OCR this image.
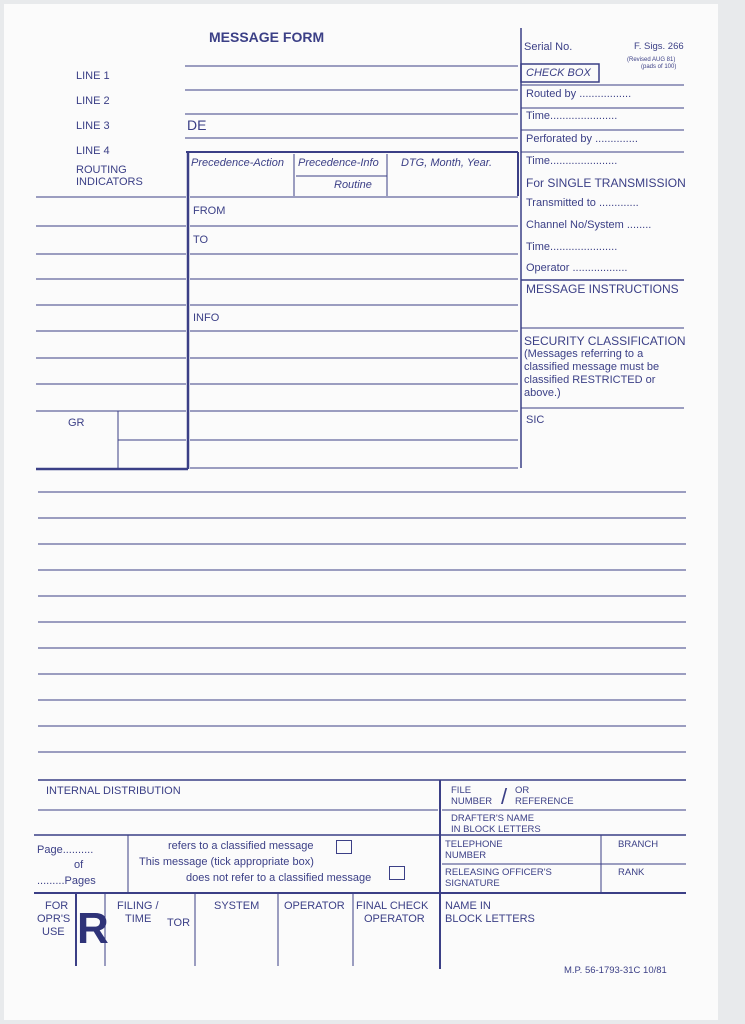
MESSAGE FORM
Serial No.	F. Sigs. 266
(Revised AUG 81)
(pads of 100)
CHECK BOX
LINE 1
LINE 2
LINE 3
LINE 4
ROUTING
INDICATORS
DE
Precedence-Action Precedence-Info
Routine
DTG, Month, Year.
FROM
TO
INFO
GR
Routed by .................
Time......................
Perforated by ..............
Time......................
For SINGLE TRANSMISSION
Transmitted to .............
Channel No/System ........
Time......................
Operator ..................
MESSAGE INSTRUCTIONS
SECURITY CLASSIFICATION
(Messages referring to a
classified message must be
classified RESTRICTED or
above.)
SIC
INTERNAL DISTRIBUTION	FILE
NUMBER / OR
REFERENCE
DRAFTER'S NAME
IN BLOCK LETTERS
Page..........
of
.........Pages
refers to a classified message
This message (tick appropriate box)
does not refer to a classified message
TELEPHONE
NUMBER
BRANCH
RELEASING OFFICER'S
SIGNATURE
RANK
FOR
OPR'S
USE R FILING /
TIME TOR
SYSTEM OPERATOR FINAL CHECK
OPERATOR
NAME IN
BLOCK LETTERS
M.P. 56-1793-31C 10/81
